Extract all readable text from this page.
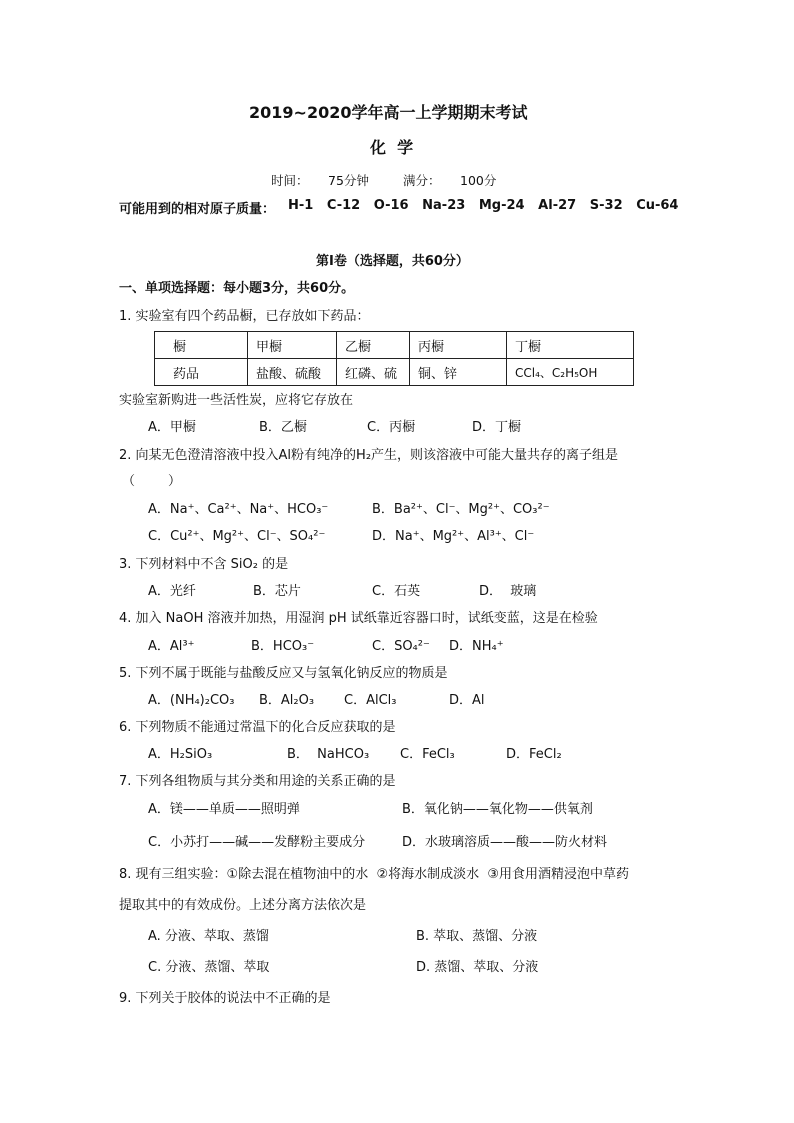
2019~2020学年高一上学期期末考试
化  学
时间： 75分钟	满分： 100分
可能用到的相对原子质量： H-1   C-12   O-16   Na-23   Mg-24   Al-27   S-32   Cu-64
第Ⅰ卷（选择题，共60分）
一、单项选择题：每小题3分，共60分。
1. 实验室有四个药品橱，已存放如下药品：
橱	甲橱	乙橱	丙橱	丁橱
药品	盐酸、硫酸	红磷、硫	铜、锌	CCl₄、C₂H₅OH
实验室新购进一些活性炭，应将它存放在
A．甲橱	B．乙橱	C．丙橱	D．丁橱
2. 向某无色澄清溶液中投入Al粉有纯净的H₂产生，则该溶液中可能大量共存的离子组是
（        ）
A．Na⁺、Ca²⁺、Na⁺、HCO₃⁻	B．Ba²⁺、Cl⁻、Mg²⁺、CO₃²⁻
C．Cu²⁺、Mg²⁺、Cl⁻、SO₄²⁻	D．Na⁺、Mg²⁺、Al³⁺、Cl⁻
3. 下列材料中不含 SiO₂ 的是
A．光纤	B．芯片	C．石英	D．  玻璃
4. 加入 NaOH 溶液并加热，用湿润 pH 试纸靠近容器口时，试纸变蓝，这是在检验
A．Al³⁺	B．HCO₃⁻	C．SO₄²⁻ D．NH₄⁺
5. 下列不属于既能与盐酸反应又与氢氧化钠反应的物质是
A．(NH₄)₂CO₃ B．Al₂O₃ C．AlCl₃	D．Al
6. 下列物质不能通过常温下的化合反应获取的是
A．H₂SiO₃	B．  NaHCO₃ C．FeCl₃	D．FeCl₂
7. 下列各组物质与其分类和用途的关系正确的是
A．镁——单质——照明弹	B．氧化钠——氧化物——供氧剂
C．小苏打——碱——发酵粉主要成分	D．水玻璃溶质——酸——防火材料
8. 现有三组实验：①除去混在植物油中的水  ②将海水制成淡水  ③用食用酒精浸泡中草药
提取其中的有效成份。上述分离方法依次是
A. 分液、萃取、蒸馏	B. 萃取、蒸馏、分液
C. 分液、蒸馏、萃取	D. 蒸馏、萃取、分液
9. 下列关于胶体的说法中不正确的是
